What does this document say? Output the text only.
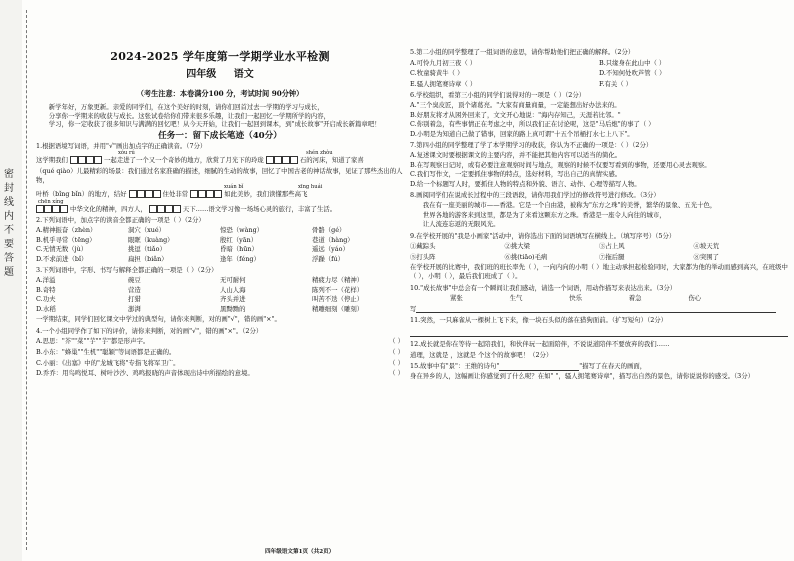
密封线内不要答题
2024-2025 学年度第一学期学业水平检测
四年级 语文
（考生注意：本卷满分100 分，考试时间 90分钟）

新学年好，万象更新。亲爱的同学们，在这个美好的时刻，请你们回首过去一学期的学习与成长，

分享你一学期来的收获与成长。这张试卷给你们带来很多乐趣，让我们一起回忆一学期所学的内容，

学习，你一定收获了很多知识与满满的回忆吧！从今天开始，让我们一起回到课本，到"成长故事"开启成长新篇章吧！

任务一：留下成长笔迹（40分）

1.根据语境写词语，并用"√"画出加点字的正确读音。（7分）

xóu rú	shén zhòu

这学期我们	一起走进了一个又一个奇妙的地方，欣赏了月光下的玲珑	石的河床，知道了家喜

（qué qiào）儿最精彩的场景：我们通过名家准确的描述，细腻的生动的故事，回忆了中国古老的神话故事，见证了那些杰出的人物，

xuán bǐ	xīng huái

叶桥（bǐng bǐn）的地方，结好	住处非常	如此美妙，我们读懂那些高飞

chēn xíng

中华文化的精神，四方人，	天下……语文学习像一场场心灵的旅行，丰富了生活。

2.下列词语中，加点字的读音全都正确的一项是（ ）（2分）

A.精神振奋（zhèn）	洞穴（xué）	惊恐（wàng）	骨骼（gé）
B.机乎寻常（tēng）	眼眶（kuàng）	殷红（yān）	巷道（hàng）
C.无情无数（jù）	挑逗（tiǎo）	昏暗（hūn）	遥远（yáo）
D.不求前进（bǐ）	扁担（biǎn）	逢年（féng）	浮躁（fú）

3.下列词语中，字形、书写与解释全都正确的一项是（ ）（2分）

A.洋溢	碗豆	无可耐何	精疲力尽（精神）
B.奇特	营造	人山人海	陈列不一（花样）
C.功夫	打猎	齐头并进	叫苦不迭（停止）
D.水稻	澎湃	黑黝黝的	精雕细刻（雕刻）

一学期结束，同学们回忆课文中学过的典型句，请你来判断，对的画"√"，错的画"×"。

4.一个小组同学作了如下的评价，请你来判断，对的画"√"，错的画"×"。（2分）

A.思思："芥""菜""芋""芋"都是形声字。	（ ）

B.小东："蜂巢""生机""聪颖"等词语都是正确的。	（ ）

C.小丽：《出塞》中的"龙城飞将"专指飞将军卫广。	（ ）

D.乔乔：用鸟鸣悦耳、树叶沙沙、鸡鸣报晓的声音体现出诗中所描绘的意境。	（ ）

5.第二小组的同学整理了一组词语的意思，请你帮助他们把正确的解释。（2分）

A.可怜九月初三夜（ ）	B.只缘身在此山中（ ）
C.牧童骑黄牛（ ）	D.不知何处吹芦管（ ）
E.骚人拥笔赛诗章（ ）	F.有关（ ）

6.学校组织，看第三小组的同学们说得对的一项是（ ）（2分）

A."三个臭皮匠，顶个诸葛亮。"大家有商量商量，一定能想出好办法来的。

B.好朋友将才从困外回来了，文文开心地说："海内存知己，天涯若比邻。"

C.你别着急，有些事情正在考虑之中，所以我们正在讨论呢，这是"马后炮"的事了（ ）

D.小明是为知道自己做了错事，回家的路上真可谓"十五个吊桶打水七上八下"。

7.第四小组的同学整理了学了本学期学习的收获，你认为不正确的一项是：（ ）（2分）

A.复述课文时要根据课文的主要内容，并不能把其他内容可以适当的简化。

B.在写观察日记时，或有必要注意观察时间与地点，观察的时候不仅要写看到的事物，还要用心灵去观察。

C.我们写作文，一定要抓住事物的特点，选好材料，写出自己的真情实感。

D.给一个标题写人时，要抓住人物的特点和外貌、语言、动作、心理等描写人物。

8.画阅同学们在说成长过程中的三段语段，请你用我们学过的修改符号进行修改。（3分）

我在有一座美丽的城市——香港。它是一个自由港，被称为"东方之珠"的美誉，繁华的景象、五光十色，

世界各地的游客来到这里，都是为了来看这颗东方之珠。香港是一座令人向往的城市，

让人流连忘返的无限风光。

9.在学校开展的"我是小画家"活动中，请你选出下面的词语填写在横线上。（填写序号）（5分）

①藏踪头	②挑大梁	③占上风	④坡天荒
⑤打头阵	⑥挑(tiāo)毛病	⑦拖后腿	⑧突围了

在学校开展的比赛中，我们班的班长率先（ ），一向内向的小明（ ）地主动承担起检验同时，大家都为他的举动而感到高兴，在班级中（ ），小明（ ），最后我们班成了（ ）。

10."成长故事"中总会有一个瞬间让我们感动，请选一个词语，用动作描写来表达出来。（3分）

紧张	生气	快乐	着急	伤心

写

11.突然，一只麻雀从一棵树上飞下来，像一块石头似的落在猎狗面前。（扩写短句）（2分）

12.成长就是你在等待一起陪我们，和伙伴玩一起面陪伴，不说说道陪伴不要放弃的我们……

道理，这就是 ，这就是 个这个的故事吧！（2分）

15.故事中有"景"：王维的诗句"	"描写了在春天的画面，

身在异乡的人，这幅画让你感觉到了什么呢？在如" "，骚人拥笔赛诗章"，描写出自然的景色，请你说说你的感受。（3分）

四年级语文第1页（共2页）
